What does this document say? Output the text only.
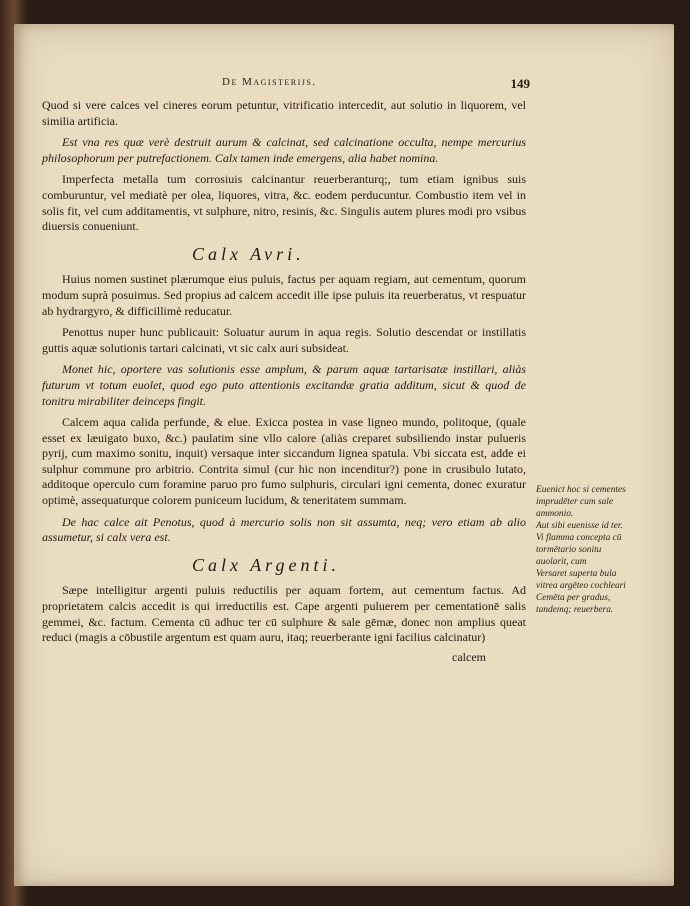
De Magisterijs.	149

Quod si vere calces vel cineres eorum petuntur, vitrificatio intercedit, aut solutio in liquorem, vel similia artificia.

Est vna res quæ verè destruit aurum & calcinat, sed calcinatione occulta, nempe mercurius philosophorum per putrefactionem. Calx tamen inde emergens, alia habet nomina.

Imperfecta metalla tum corrosiuis calcinantur reuerberanturq;, tum etiam ignibus suis comburuntur, vel mediatè per olea, liquores, vitra, &c. eodem perducuntur. Combustio item vel in solis fit, vel cum additamentis, vt sulphure, nitro, resinis, &c. Singulis autem plures modi pro vsibus diuersis conueniunt.

Calx Avri.

Huius nomen sustinet plærumque eius puluis, factus per aquam regiam, aut cementum, quorum modum suprà posuimus. Sed propius ad calcem accedit ille ipse puluis ita reuerberatus, vt respuatur ab hydrargyro, & difficillimè reducatur.

Penottus nuper hunc publicauit: Soluatur aurum in aqua regis. Solutio descendat or instillatis guttis aquæ solutionis tartari calcinati, vt sic calx auri subsideat.

Monet hic, oportere vas solutionis esse amplum, & parum aquæ tartarisatæ instillari, aliàs futurum vt totum euolet, quod ego puto attentionis excitandæ gratia additum, sicut & quod de tonitru mirabiliter deinceps fingit.

Calcem aqua calida perfunde, & elue. Exicca postea in vase ligneo mundo, politoque, (quale esset ex læuigato buxo, &c.) paulatim sine vllo calore (aliàs creparet subsiliendo instar pulueris pyrij, cum maximo sonitu, inquit) versaque inter siccandum lignea spatula. Vbi siccata est, adde ei sulphur commune pro arbitrio. Contrita simul (cur hic non incenditur?) pone in crusibulo lutato, additoque operculo cum foramine paruo pro fumo sulphuris, circulari igni cementa, donec exuratur optimè, assequaturque colorem puniceum lucidum, & teneritatem summam.

De hac calce ait Penotus, quod à mercurio solis non sit assumta, neq; vero etiam ab alio assumetur, si calx vera est.

Calx Argenti.

Sæpe intelligitur argenti puluis reductilis per aquam fortem, aut cementum factus. Ad proprietatem calcis accedit is qui irreductilis est. Cape argenti puluerem per cementationē salis gemmei, &c. factum. Cementa cū adhuc ter cū sulphure & sale gēmæ, donec non amplius queat reduci (magis a cōbustile argentum est quam auru, itaq; reuerberante igni facilius calcinatur)

calcem
Euenict hoc si cementes imprudēter cum sale ammonio.
Aut sibi euenisse id ter.
Vi flamma concepta cū tormētario sonitu auolarit, cum
Versaret superta bula vitrea argēteo cochleari
Cemēta per gradus, tandemq; reuerbera.
